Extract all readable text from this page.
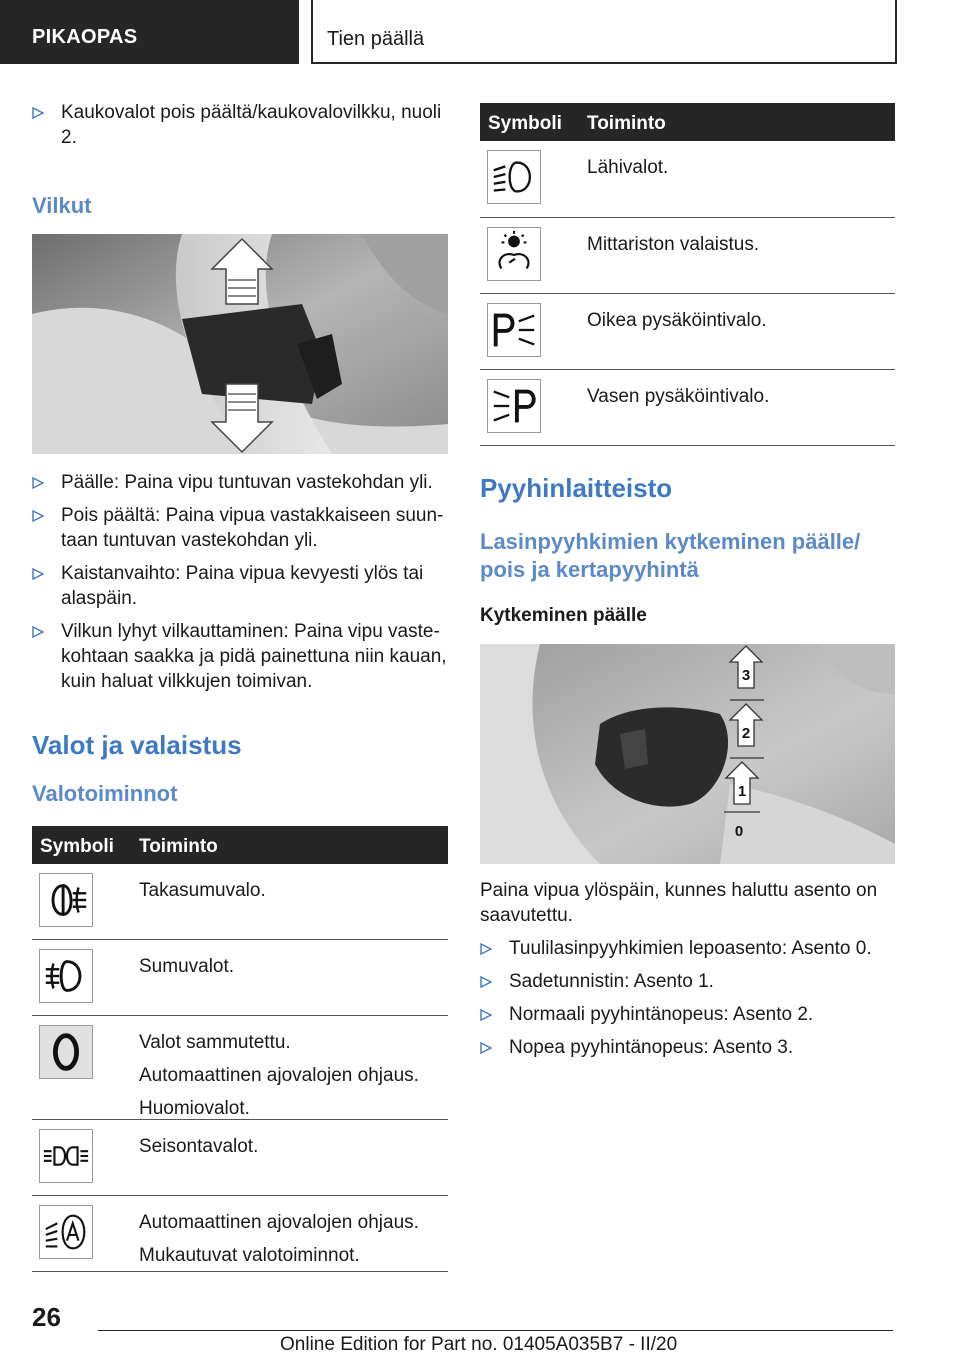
PIKAOPAS	Tien päällä
Kaukovalot pois päältä/kaukovalovilkku, nuoli 2.
Vilkut
Päälle: Paina vipu tuntuvan vastekohdan yli.
Pois päältä: Paina vipua vastakkaiseen suun- taan tuntuvan vastekohdan yli.
Kaistanvaihto: Paina vipua kevyesti ylös tai alaspäin.
Vilkun lyhyt vilkauttaminen: Paina vipu vaste- kohtaan saakka ja pidä painettuna niin kauan, kuin haluat vilkkujen toimivan.
Valot ja valaistus
Valotoiminnot
Symboli Toiminto
Takasumuvalo.
Sumuvalot.
Valot sammutettu.
Automaattinen ajovalojen ohjaus.
Huomiovalot.
Seisontavalot.
Automaattinen ajovalojen ohjaus.
Mukautuvat valotoiminnot.
Symboli Toiminto
Lähivalot.
Mittariston valaistus.
Oikea pysäköintivalo.
Vasen pysäköintivalo.
Pyyhinlaitteisto
Lasinpyyhkimien kytkeminen päälle/ pois ja kertapyyhintä
Kytkeminen päälle
3
2
1
0

Paina vipua ylöspäin, kunnes haluttu asento on saavutettu.

Tuulilasinpyyhkimien lepoasento: Asento 0.
Sadetunnistin: Asento 1.
Normaali pyyhintänopeus: Asento 2.
Nopea pyyhintänopeus: Asento 3.
26
Online Edition for Part no. 01405A035B7 - II/20
